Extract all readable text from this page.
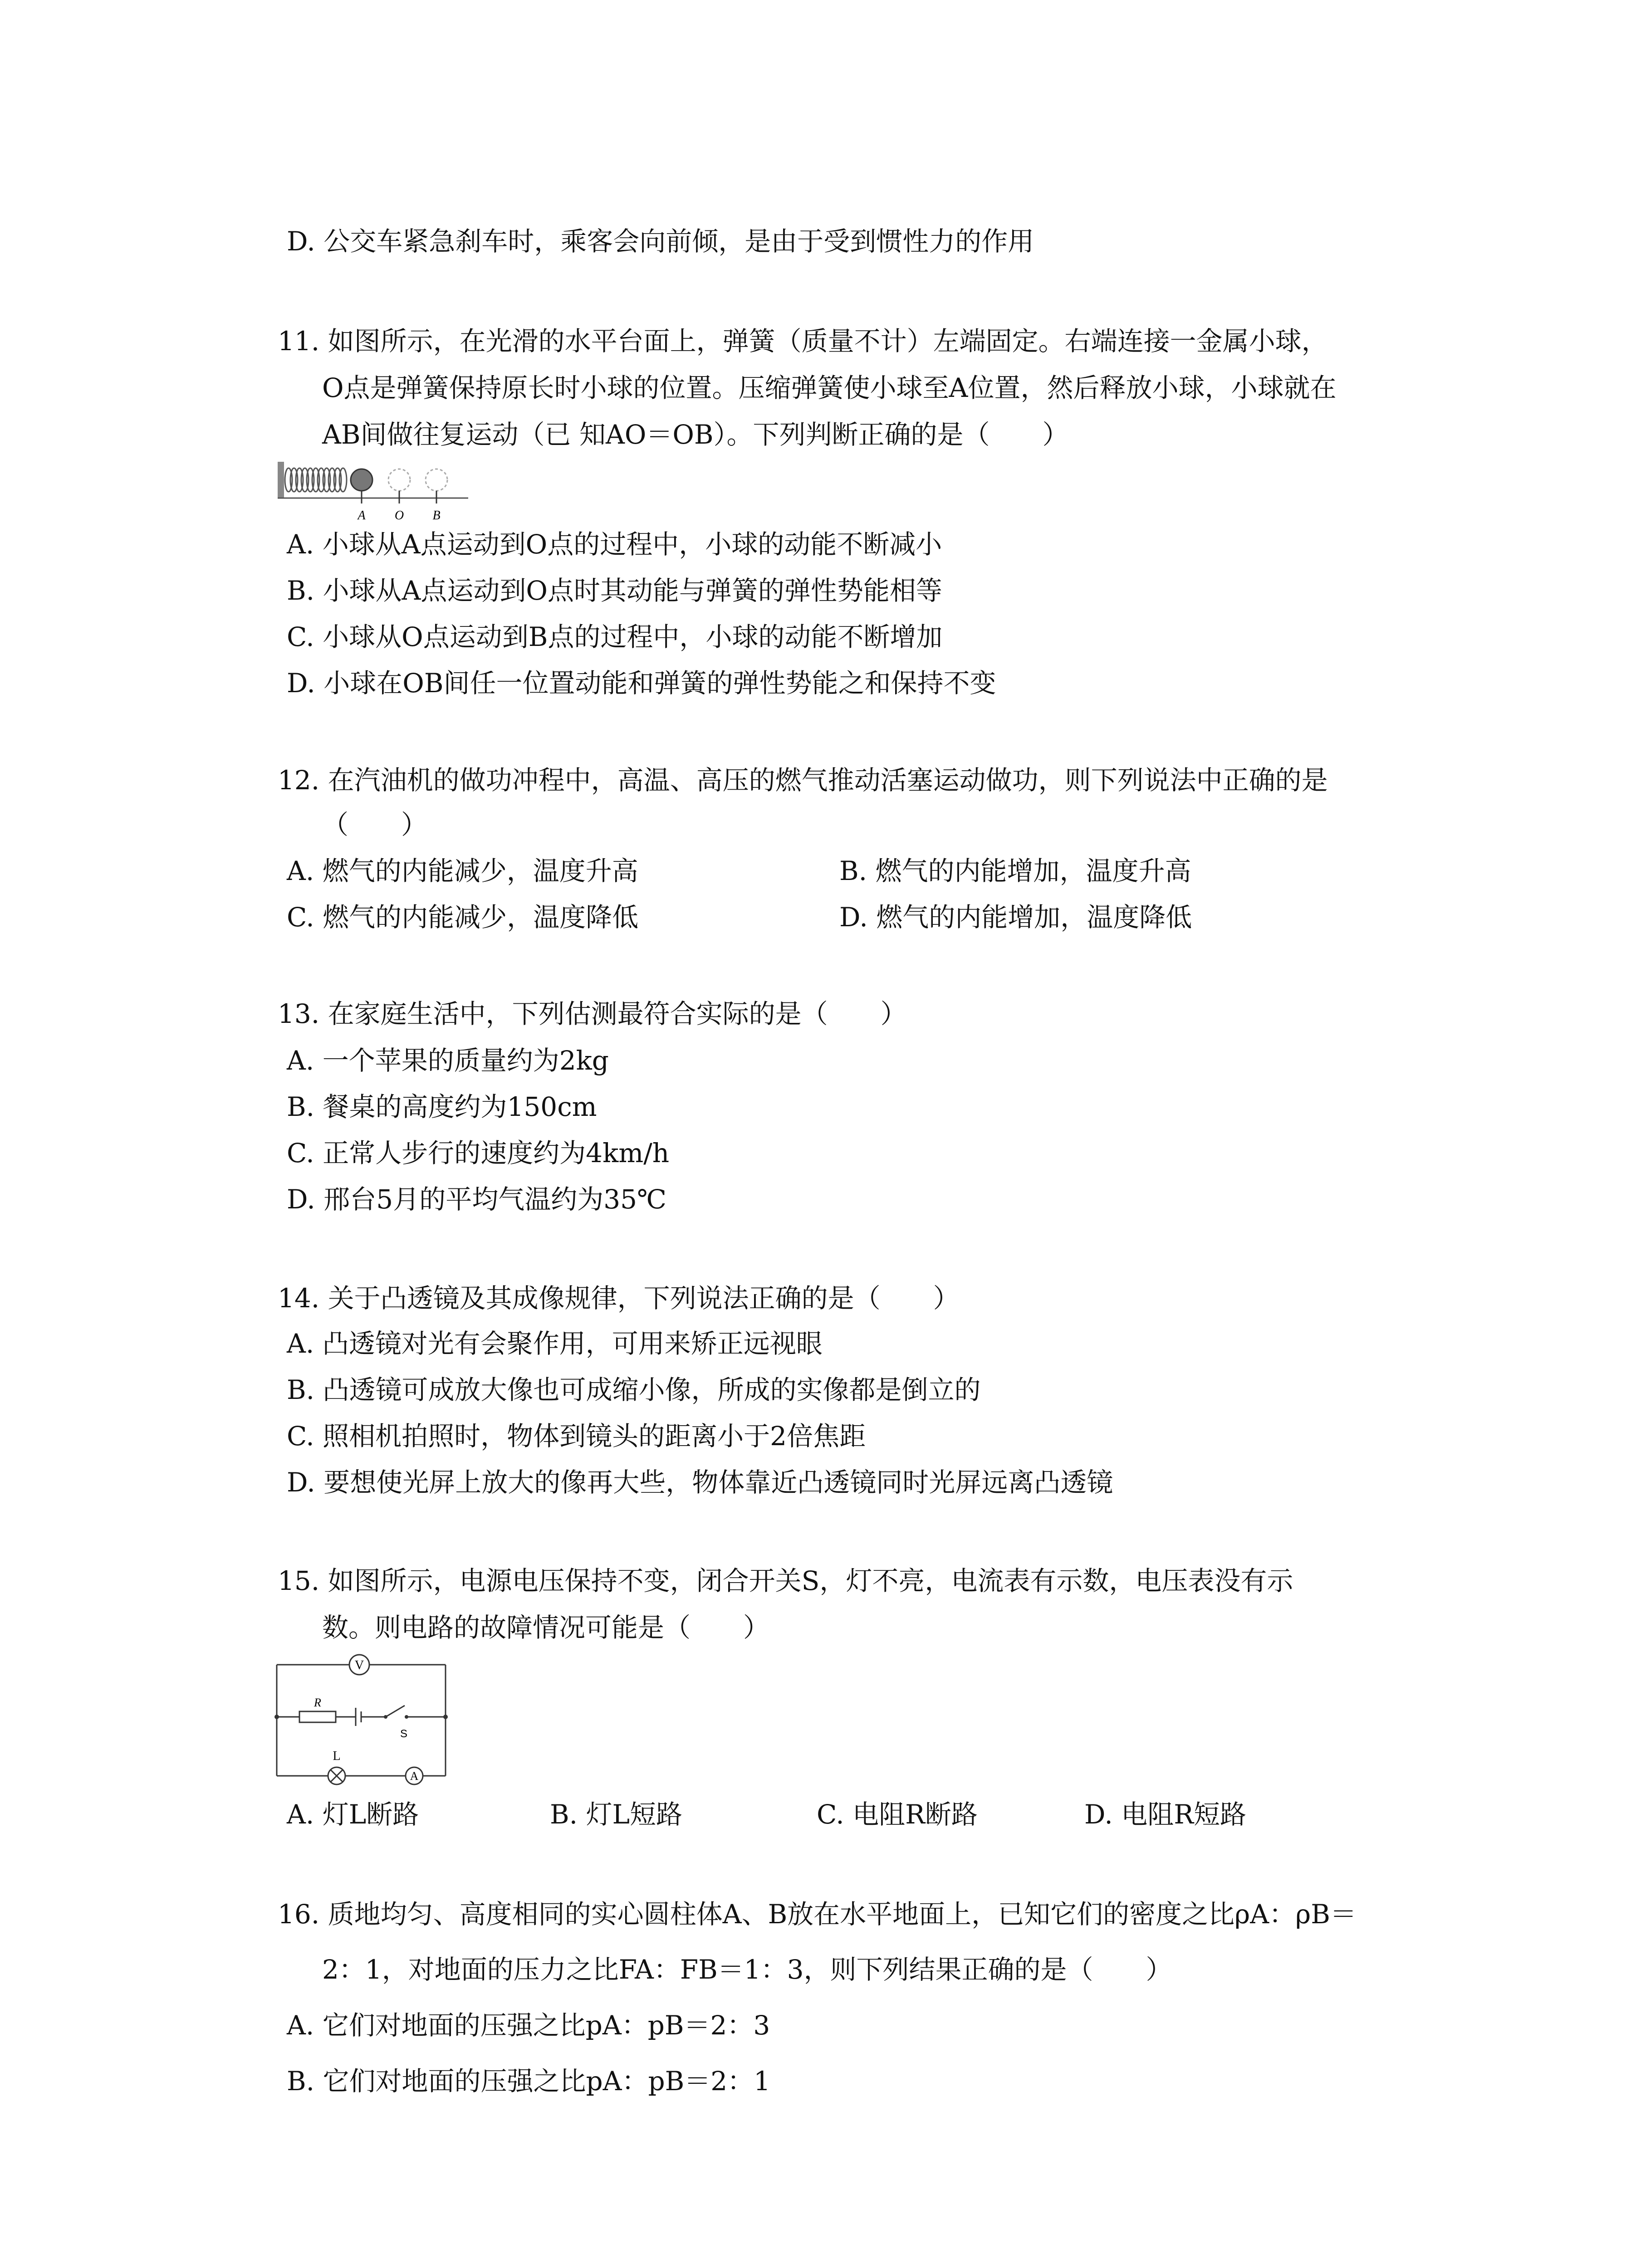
D. 公交车紧急刹车时，乘客会向前倾，是由于受到惯性力的作用
11. 如图所示，在光滑的水平台面上，弹簧（质量不计）左端固定。右端连接一金属小球，
O点是弹簧保持原长时小球的位置。压缩弹簧使小球至A位置，然后释放小球，小球就在
AB间做往复运动（已 知AO＝OB）。下列判断正确的是（　　）
A O B
A. 小球从A点运动到O点的过程中，小球的动能不断减小
B. 小球从A点运动到O点时其动能与弹簧的弹性势能相等
C. 小球从O点运动到B点的过程中，小球的动能不断增加
D. 小球在OB间任一位置动能和弹簧的弹性势能之和保持不变
12. 在汽油机的做功冲程中，高温、高压的燃气推动活塞运动做功，则下列说法中正确的是
（　　）
A. 燃气的内能减少，温度升高	B. 燃气的内能增加，温度升高
C. 燃气的内能减少，温度降低	D. 燃气的内能增加，温度降低
13. 在家庭生活中，下列估测最符合实际的是（　　）
A. 一个苹果的质量约为2kg
B. 餐桌的高度约为150cm
C. 正常人步行的速度约为4km/h
D. 邢台5月的平均气温约为35℃
14. 关于凸透镜及其成像规律，下列说法正确的是（　　）
A. 凸透镜对光有会聚作用，可用来矫正远视眼
B. 凸透镜可成放大像也可成缩小像，所成的实像都是倒立的
C. 照相机拍照时，物体到镜头的距离小于2倍焦距
D. 要想使光屏上放大的像再大些，物体靠近凸透镜同时光屏远离凸透镜
15. 如图所示，电源电压保持不变，闭合开关S，灯不亮，电流表有示数，电压表没有示
数。则电路的故障情况可能是（　　）
V
R
S
L
A
A. 灯L断路	B. 灯L短路	C. 电阻R断路	D. 电阻R短路
16. 质地均匀、高度相同的实心圆柱体A、B放在水平地面上，已知它们的密度之比ρA：ρB＝
2：1，对地面的压力之比FA：FB＝1：3，则下列结果正确的是（　　）
A. 它们对地面的压强之比pA：pB＝2：3
B. 它们对地面的压强之比pA：pB＝2：1
